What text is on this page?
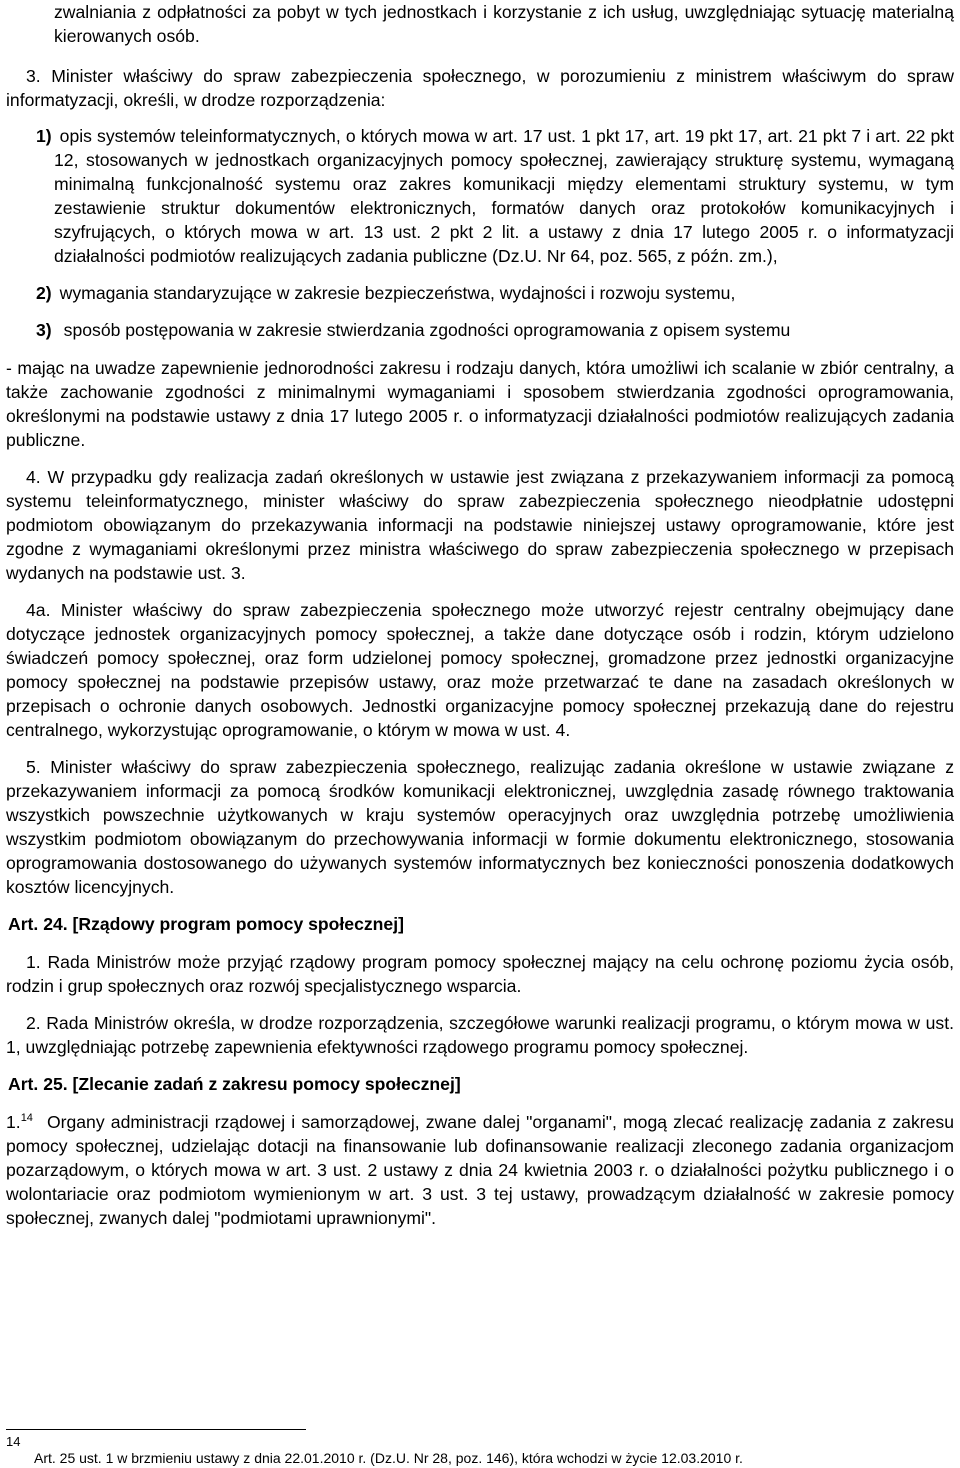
zwalniania z odpłatności za pobyt w tych jednostkach i korzystanie z ich usług, uwzględniając sytuację materialną kierowanych osób.

3. Minister właściwy do spraw zabezpieczenia społecznego, w porozumieniu z ministrem właściwym do spraw informatyzacji, określi, w drodze rozporządzenia:

1) opis systemów teleinformatycznych, o których mowa w art. 17 ust. 1 pkt 17, art. 19 pkt 17, art. 21 pkt 7 i art. 22 pkt 12, stosowanych w jednostkach organizacyjnych pomocy społecznej, zawierający strukturę systemu, wymaganą minimalną funkcjonalność systemu oraz zakres komunikacji między elementami struktury systemu, w tym zestawienie struktur dokumentów elektronicznych, formatów danych oraz protokołów komunikacyjnych i szyfrujących, o których mowa w art. 13 ust. 2 pkt 2 lit. a ustawy z dnia 17 lutego 2005 r. o informatyzacji działalności podmiotów realizujących zadania publiczne (Dz.U. Nr 64, poz. 565, z późn. zm.),
2) wymagania standaryzujące w zakresie bezpieczeństwa, wydajności i rozwoju systemu,
3) sposób postępowania w zakresie stwierdzania zgodności oprogramowania z opisem systemu

- mając na uwadze zapewnienie jednorodności zakresu i rodzaju danych, która umożliwi ich scalanie w zbiór centralny, a także zachowanie zgodności z minimalnymi wymaganiami i sposobem stwierdzania zgodności oprogramowania, określonymi na podstawie ustawy z dnia 17 lutego 2005 r. o informatyzacji działalności podmiotów realizujących zadania publiczne.

4. W przypadku gdy realizacja zadań określonych w ustawie jest związana z przekazywaniem informacji za pomocą systemu teleinformatycznego, minister właściwy do spraw zabezpieczenia społecznego nieodpłatnie udostępni podmiotom obowiązanym do przekazywania informacji na podstawie niniejszej ustawy oprogramowanie, które jest zgodne z wymaganiami określonymi przez ministra właściwego do spraw zabezpieczenia społecznego w przepisach wydanych na podstawie ust. 3.

4a. Minister właściwy do spraw zabezpieczenia społecznego może utworzyć rejestr centralny obejmujący dane dotyczące jednostek organizacyjnych pomocy społecznej, a także dane dotyczące osób i rodzin, którym udzielono świadczeń pomocy społecznej, oraz form udzielonej pomocy społecznej, gromadzone przez jednostki organizacyjne pomocy społecznej na podstawie przepisów ustawy, oraz może przetwarzać te dane na zasadach określonych w przepisach o ochronie danych osobowych. Jednostki organizacyjne pomocy społecznej przekazują dane do rejestru centralnego, wykorzystując oprogramowanie, o którym w mowa w ust. 4.

5. Minister właściwy do spraw zabezpieczenia społecznego, realizując zadania określone w ustawie związane z przekazywaniem informacji za pomocą środków komunikacji elektronicznej, uwzględnia zasadę równego traktowania wszystkich powszechnie użytkowanych w kraju systemów operacyjnych oraz uwzględnia potrzebę umożliwienia wszystkim podmiotom obowiązanym do przechowywania informacji w formie dokumentu elektronicznego, stosowania oprogramowania dostosowanego do używanych systemów informatycznych bez konieczności ponoszenia dodatkowych kosztów licencyjnych.

Art. 24. [Rządowy program pomocy społecznej]

1. Rada Ministrów może przyjąć rządowy program pomocy społecznej mający na celu ochronę poziomu życia osób, rodzin i grup społecznych oraz rozwój specjalistycznego wsparcia.

2. Rada Ministrów określa, w drodze rozporządzenia, szczegółowe warunki realizacji programu, o którym mowa w ust. 1, uwzględniając potrzebę zapewnienia efektywności rządowego programu pomocy społecznej.

Art. 25. [Zlecanie zadań z zakresu pomocy społecznej]

1.14 Organy administracji rządowej i samorządowej, zwane dalej "organami", mogą zlecać realizację zadania z zakresu pomocy społecznej, udzielając dotacji na finansowanie lub dofinansowanie realizacji zleconego zadania organizacjom pozarządowym, o których mowa w art. 3 ust. 2 ustawy z dnia 24 kwietnia 2003 r. o działalności pożytku publicznego i o wolontariacie oraz podmiotom wymienionym w art. 3 ust. 3 tej ustawy, prowadzącym działalność w zakresie pomocy społecznej, zwanych dalej "podmiotami uprawnionymi".

14
Art. 25 ust. 1 w brzmieniu ustawy z dnia 22.01.2010 r. (Dz.U. Nr 28, poz. 146), która wchodzi w życie 12.03.2010 r.
